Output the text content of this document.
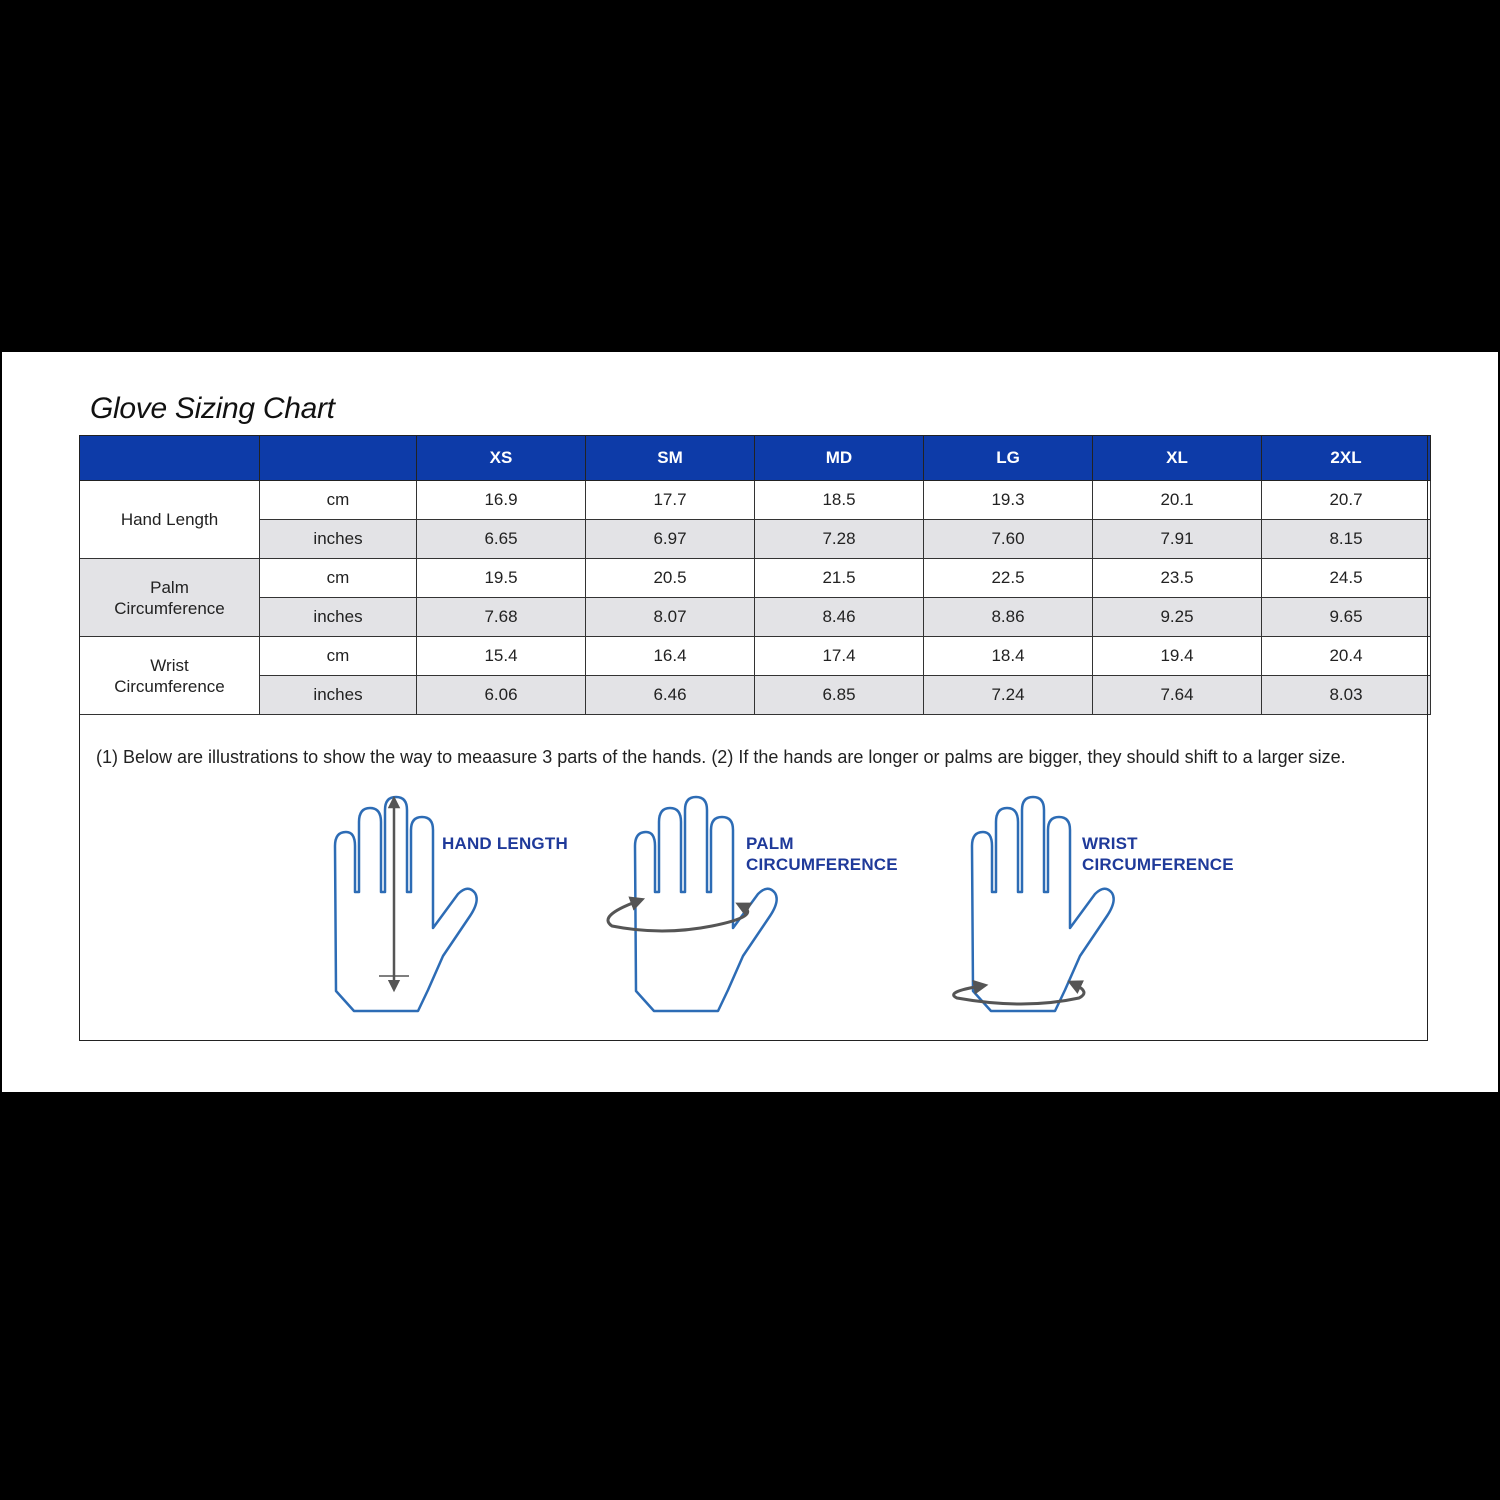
Glove Sizing Chart
		XS	SM	MD	LG	XL	2XL
Hand Length	cm	16.9	17.7	18.5	19.3	20.1	20.7
	inches	6.65	6.97	7.28	7.60	7.91	8.15
Palm Circumference	cm	19.5	20.5	21.5	22.5	23.5	24.5
	inches	7.68	8.07	8.46	8.86	9.25	9.65
Wrist Circumference	cm	15.4	16.4	17.4	18.4	19.4	20.4
	inches	6.06	6.46	6.85	7.24	7.64	8.03
(1) Below are illustrations to show the way to meaasure 3 parts of the hands. (2) If the hands are longer or palms are bigger, they should shift to a larger size.
HAND LENGTH	PALM
CIRCUMFERENCE
WRIST
CIRCUMFERENCE
